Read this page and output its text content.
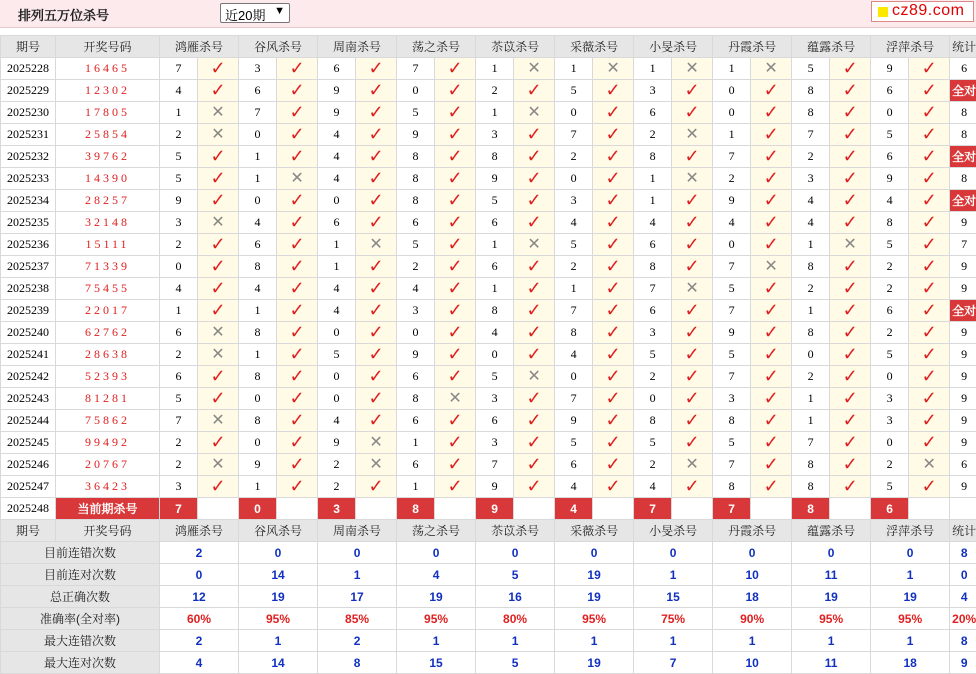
排列五万位杀号	近20期 ▼	cz89.com
期号	开奖号码	鸿雁杀号		谷风杀号		周南杀号		荡之杀号		苶苡杀号		采薇杀号		小旻杀号		丹霞杀号		蕴露杀号		浮萍杀号		统计
2025228	16465	7	✓	3	✓	6	✓	7	✓	1	✕	1	✕	1	✕	1	✕	5	✓	9	✓	6
2025229	12302	4	✓	6	✓	9	✓	0	✓	2	✓	5	✓	3	✓	0	✓	8	✓	6	✓	全对
2025230	17805	1	✕	7	✓	9	✓	5	✓	1	✕	0	✓	6	✓	0	✓	8	✓	0	✓	8
2025231	25854	2	✕	0	✓	4	✓	9	✓	3	✓	7	✓	2	✕	1	✓	7	✓	5	✓	8
2025232	39762	5	✓	1	✓	4	✓	8	✓	8	✓	2	✓	8	✓	7	✓	2	✓	6	✓	全对
2025233	14390	5	✓	1	✕	4	✓	8	✓	9	✓	0	✓	1	✕	2	✓	3	✓	9	✓	8
2025234	28257	9	✓	0	✓	0	✓	8	✓	5	✓	3	✓	1	✓	9	✓	4	✓	4	✓	全对
2025235	32148	3	✕	4	✓	6	✓	6	✓	6	✓	4	✓	4	✓	4	✓	4	✓	8	✓	9
2025236	15111	2	✓	6	✓	1	✕	5	✓	1	✕	5	✓	6	✓	0	✓	1	✕	5	✓	7
2025237	71339	0	✓	8	✓	1	✓	2	✓	6	✓	2	✓	8	✓	7	✕	8	✓	2	✓	9
2025238	75455	4	✓	4	✓	4	✓	4	✓	1	✓	1	✓	7	✕	5	✓	2	✓	2	✓	9
2025239	22017	1	✓	1	✓	4	✓	3	✓	8	✓	7	✓	6	✓	7	✓	1	✓	6	✓	全对
2025240	62762	6	✕	8	✓	0	✓	0	✓	4	✓	8	✓	3	✓	9	✓	8	✓	2	✓	9
2025241	28638	2	✕	1	✓	5	✓	9	✓	0	✓	4	✓	5	✓	5	✓	0	✓	5	✓	9
2025242	52393	6	✓	8	✓	0	✓	6	✓	5	✕	0	✓	2	✓	7	✓	2	✓	0	✓	9
2025243	81281	5	✓	0	✓	0	✓	8	✕	3	✓	7	✓	0	✓	3	✓	1	✓	3	✓	9
2025244	75862	7	✕	8	✓	4	✓	6	✓	6	✓	9	✓	8	✓	8	✓	1	✓	3	✓	9
2025245	99492	2	✓	0	✓	9	✕	1	✓	3	✓	5	✓	5	✓	5	✓	7	✓	0	✓	9
2025246	20767	2	✕	9	✓	2	✕	6	✓	7	✓	6	✓	2	✕	7	✓	8	✓	2	✕	6
2025247	36423	3	✓	1	✓	2	✓	1	✓	9	✓	4	✓	4	✓	8	✓	8	✓	5	✓	9
2025248	当前期杀号	7		0		3		8		9		4		7		7		8		6		
期号	开奖号码	鸿雁杀号		谷风杀号		周南杀号		荡之杀号		苶苡杀号		采薇杀号		小旻杀号		丹霞杀号		蕴露杀号		浮萍杀号		统计
目前连错次数		2		0		0		0		0		0		0		0		0		0		8
目前连对次数		0		14		1		4		5		19		1		10		11		1		0
总正确次数		12		19		17		19		16		19		15		18		19		19		4
准确率(全对率)		60%		95%		85%		95%		80%		95%		75%		90%		95%		95%		20%
最大连错次数		2		1		2		1		1		1		1		1		1		1		8
最大连对次数		4		14		8		15		5		19		7		10		11		18		9
